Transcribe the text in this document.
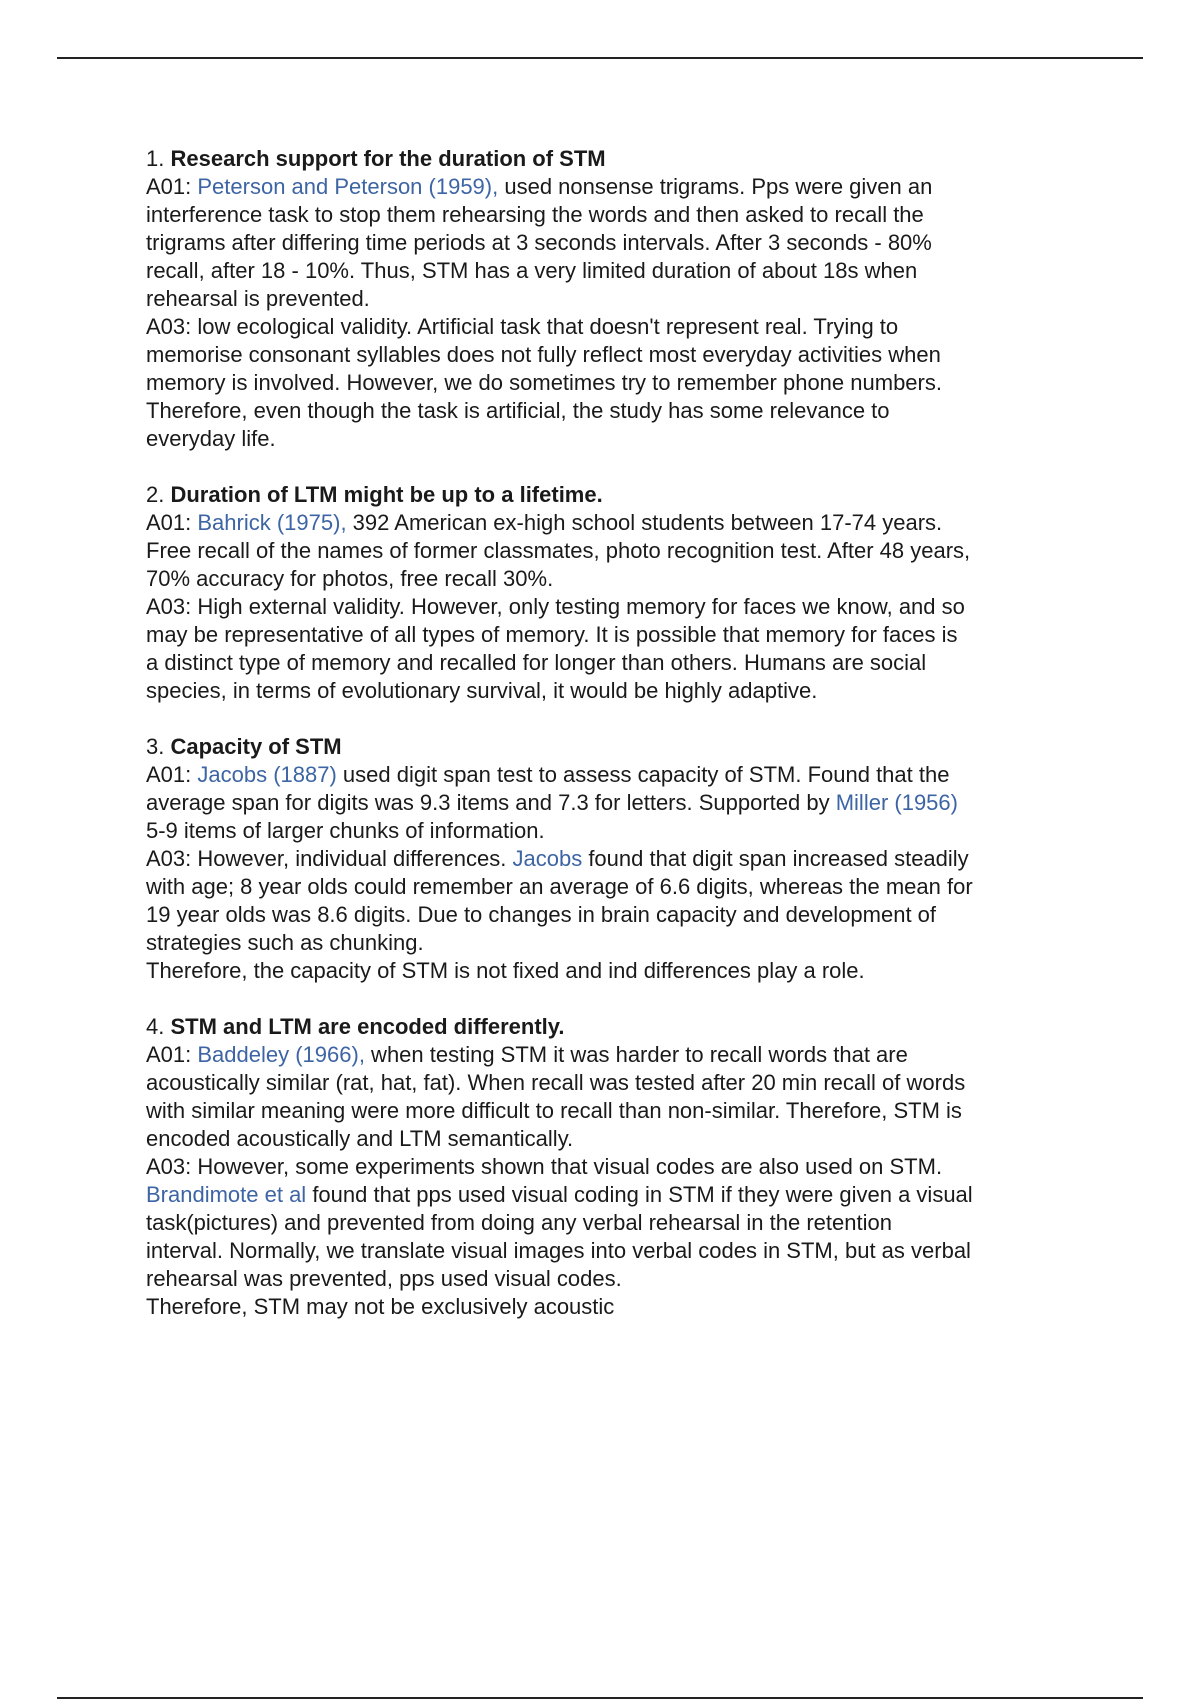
1. Research support for the duration of STM
A01: Peterson and Peterson (1959), used nonsense trigrams. Pps were given an
interference task to stop them rehearsing the words and then asked to recall the
trigrams after differing time periods at 3 seconds intervals. After 3 seconds - 80%
recall, after 18 - 10%. Thus, STM has a very limited duration of about 18s when
rehearsal is prevented.
A03: low ecological validity. Artificial task that doesn't represent real. Trying to
memorise consonant syllables does not fully reflect most everyday activities when
memory is involved. However, we do sometimes try to remember phone numbers.
Therefore, even though the task is artificial, the study has some relevance to
everyday life.
2. Duration of LTM might be up to a lifetime.
A01: Bahrick (1975), 392 American ex-high school students between 17-74 years.
Free recall of the names of former classmates, photo recognition test. After 48 years,
70% accuracy for photos, free recall 30%.
A03: High external validity. However, only testing memory for faces we know, and so
may be representative of all types of memory. It is possible that memory for faces is
a distinct type of memory and recalled for longer than others. Humans are social
species, in terms of evolutionary survival, it would be highly adaptive.
3. Capacity of STM
A01: Jacobs (1887) used digit span test to assess capacity of STM. Found that the
average span for digits was 9.3 items and 7.3 for letters. Supported by Miller (1956)
5-9 items of larger chunks of information.
A03: However, individual differences. Jacobs found that digit span increased steadily
with age; 8 year olds could remember an average of 6.6 digits, whereas the mean for
19 year olds was 8.6 digits. Due to changes in brain capacity and development of
strategies such as chunking.
Therefore, the capacity of STM is not fixed and ind differences play a role.
4. STM and LTM are encoded differently.
A01: Baddeley (1966), when testing STM it was harder to recall words that are
acoustically similar (rat, hat, fat). When recall was tested after 20 min recall of words
with similar meaning were more difficult to recall than non-similar. Therefore, STM is
encoded acoustically and LTM semantically.
A03: However, some experiments shown that visual codes are also used on STM.
Brandimote et al found that pps used visual coding in STM if they were given a visual
task(pictures) and prevented from doing any verbal rehearsal in the retention
interval. Normally, we translate visual images into verbal codes in STM, but as verbal
rehearsal was prevented, pps used visual codes.
Therefore, STM may not be exclusively acoustic
